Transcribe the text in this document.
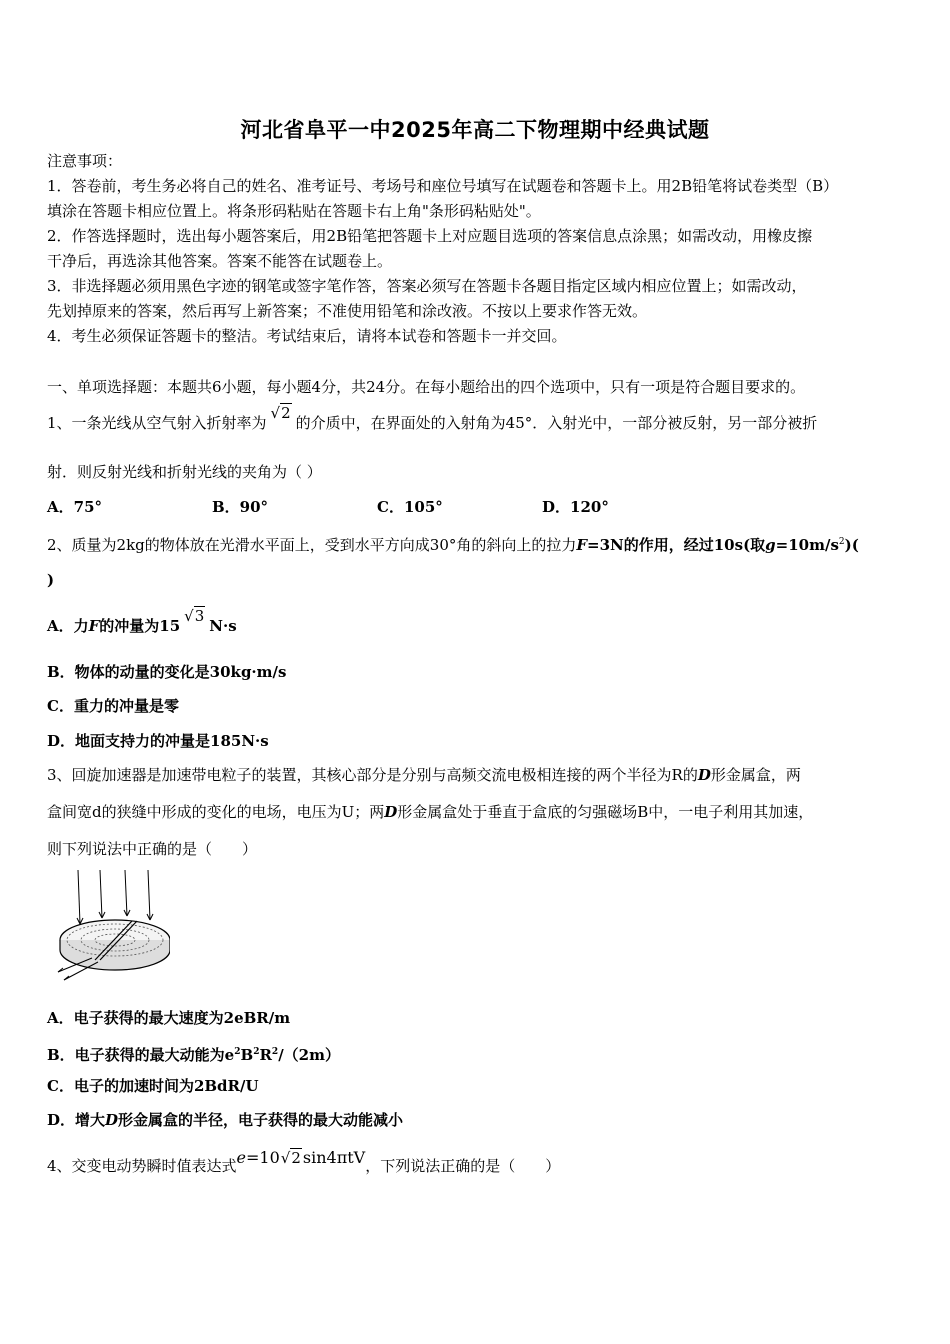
河北省阜平一中2025年高二下物理期中经典试题
注意事项：
1．答卷前，考生务必将自己的姓名、准考证号、考场号和座位号填写在试题卷和答题卡上。用2B铅笔将试卷类型（B）
填涂在答题卡相应位置上。将条形码粘贴在答题卡右上角"条形码粘贴处"。
2．作答选择题时，选出每小题答案后，用2B铅笔把答题卡上对应题目选项的答案信息点涂黑；如需改动，用橡皮擦
干净后，再选涂其他答案。答案不能答在试题卷上。
3．非选择题必须用黑色字迹的钢笔或签字笔作答，答案必须写在答题卡各题目指定区域内相应位置上；如需改动，
先划掉原来的答案，然后再写上新答案；不准使用铅笔和涂改液。不按以上要求作答无效。
4．考生必须保证答题卡的整洁。考试结束后，请将本试卷和答题卡一并交回。
一、单项选择题：本题共6小题，每小题4分，共24分。在每小题给出的四个选项中，只有一项是符合题目要求的。
1、一条光线从空气射入折射率为√2的介质中，在界面处的入射角为45°．入射光中，一部分被反射，另一部分被折
射．则反射光线和折射光线的夹角为（ ）
A．75°	B．90°	C．105°	D．120°
2、质量为2kg的物体放在光滑水平面上，受到水平方向成30°角的斜向上的拉力F=3N的作用，经过10s(取$g=10m/s^2$)(
)
A．力F的冲量为15√3N·s
B．物体的动量的变化是30kg·m/s
C．重力的冲量是零
D．地面支持力的冲量是185N·s
3、回旋加速器是加速带电粒子的装置，其核心部分是分别与高频交流电极相连接的两个半径为R的D形金属盒，两
盒间宽d的狭缝中形成的变化的电场，电压为U；两D形金属盒处于垂直于盒底的匀强磁场B中，一电子利用其加速，
则下列说法中正确的是（　　）
A．电子获得的最大速度为2eBR/m
B．电子获得的最大动能为$e^2B^2R^2/(2m)$
C．电子的加速时间为2BdR/U
D．增大D形金属盒的半径，电子获得的最大动能减小
4、交变电动势瞬时值表达式e=10√2 sin4πtV，下列说法正确的是（　　）
